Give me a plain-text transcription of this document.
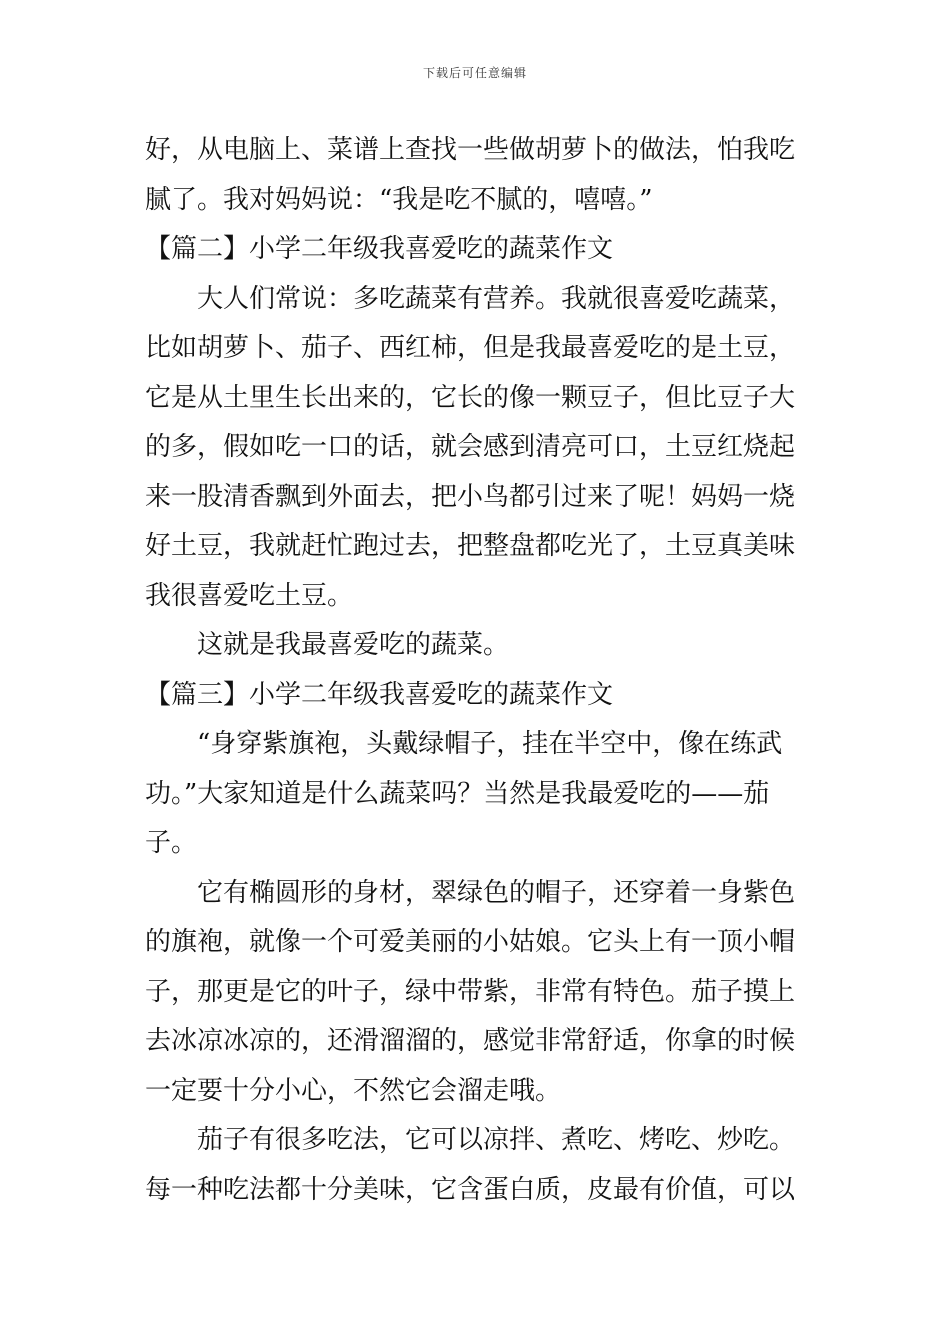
下载后可任意编辑
好，从电脑上、菜谱上查找一些做胡萝卜的做法，怕我吃
腻了。我对妈妈说：“我是吃不腻的，嘻嘻。”
【篇二】小学二年级我喜爱吃的蔬菜作文
大人们常说：多吃蔬菜有营养。我就很喜爱吃蔬菜，
比如胡萝卜、茄子、西红柿，但是我最喜爱吃的是土豆，
它是从土里生长出来的，它长的像一颗豆子，但比豆子大
的多，假如吃一口的话，就会感到清亮可口，土豆红烧起
来一股清香飘到外面去，把小鸟都引过来了呢！妈妈一烧
好土豆，我就赶忙跑过去，把整盘都吃光了，土豆真美味
我很喜爱吃土豆。
这就是我最喜爱吃的蔬菜。
【篇三】小学二年级我喜爱吃的蔬菜作文
“身穿紫旗袍，头戴绿帽子，挂在半空中，像在练武
功。”大家知道是什么蔬菜吗？当然是我最爱吃的——茄
子。
它有椭圆形的身材，翠绿色的帽子，还穿着一身紫色
的旗袍，就像一个可爱美丽的小姑娘。它头上有一顶小帽
子，那更是它的叶子，绿中带紫，非常有特色。茄子摸上
去冰凉冰凉的，还滑溜溜的，感觉非常舒适，你拿的时候
一定要十分小心，不然它会溜走哦。
茄子有很多吃法，它可以凉拌、煮吃、烤吃、炒吃。
每一种吃法都十分美味，它含蛋白质，皮最有价值，可以
